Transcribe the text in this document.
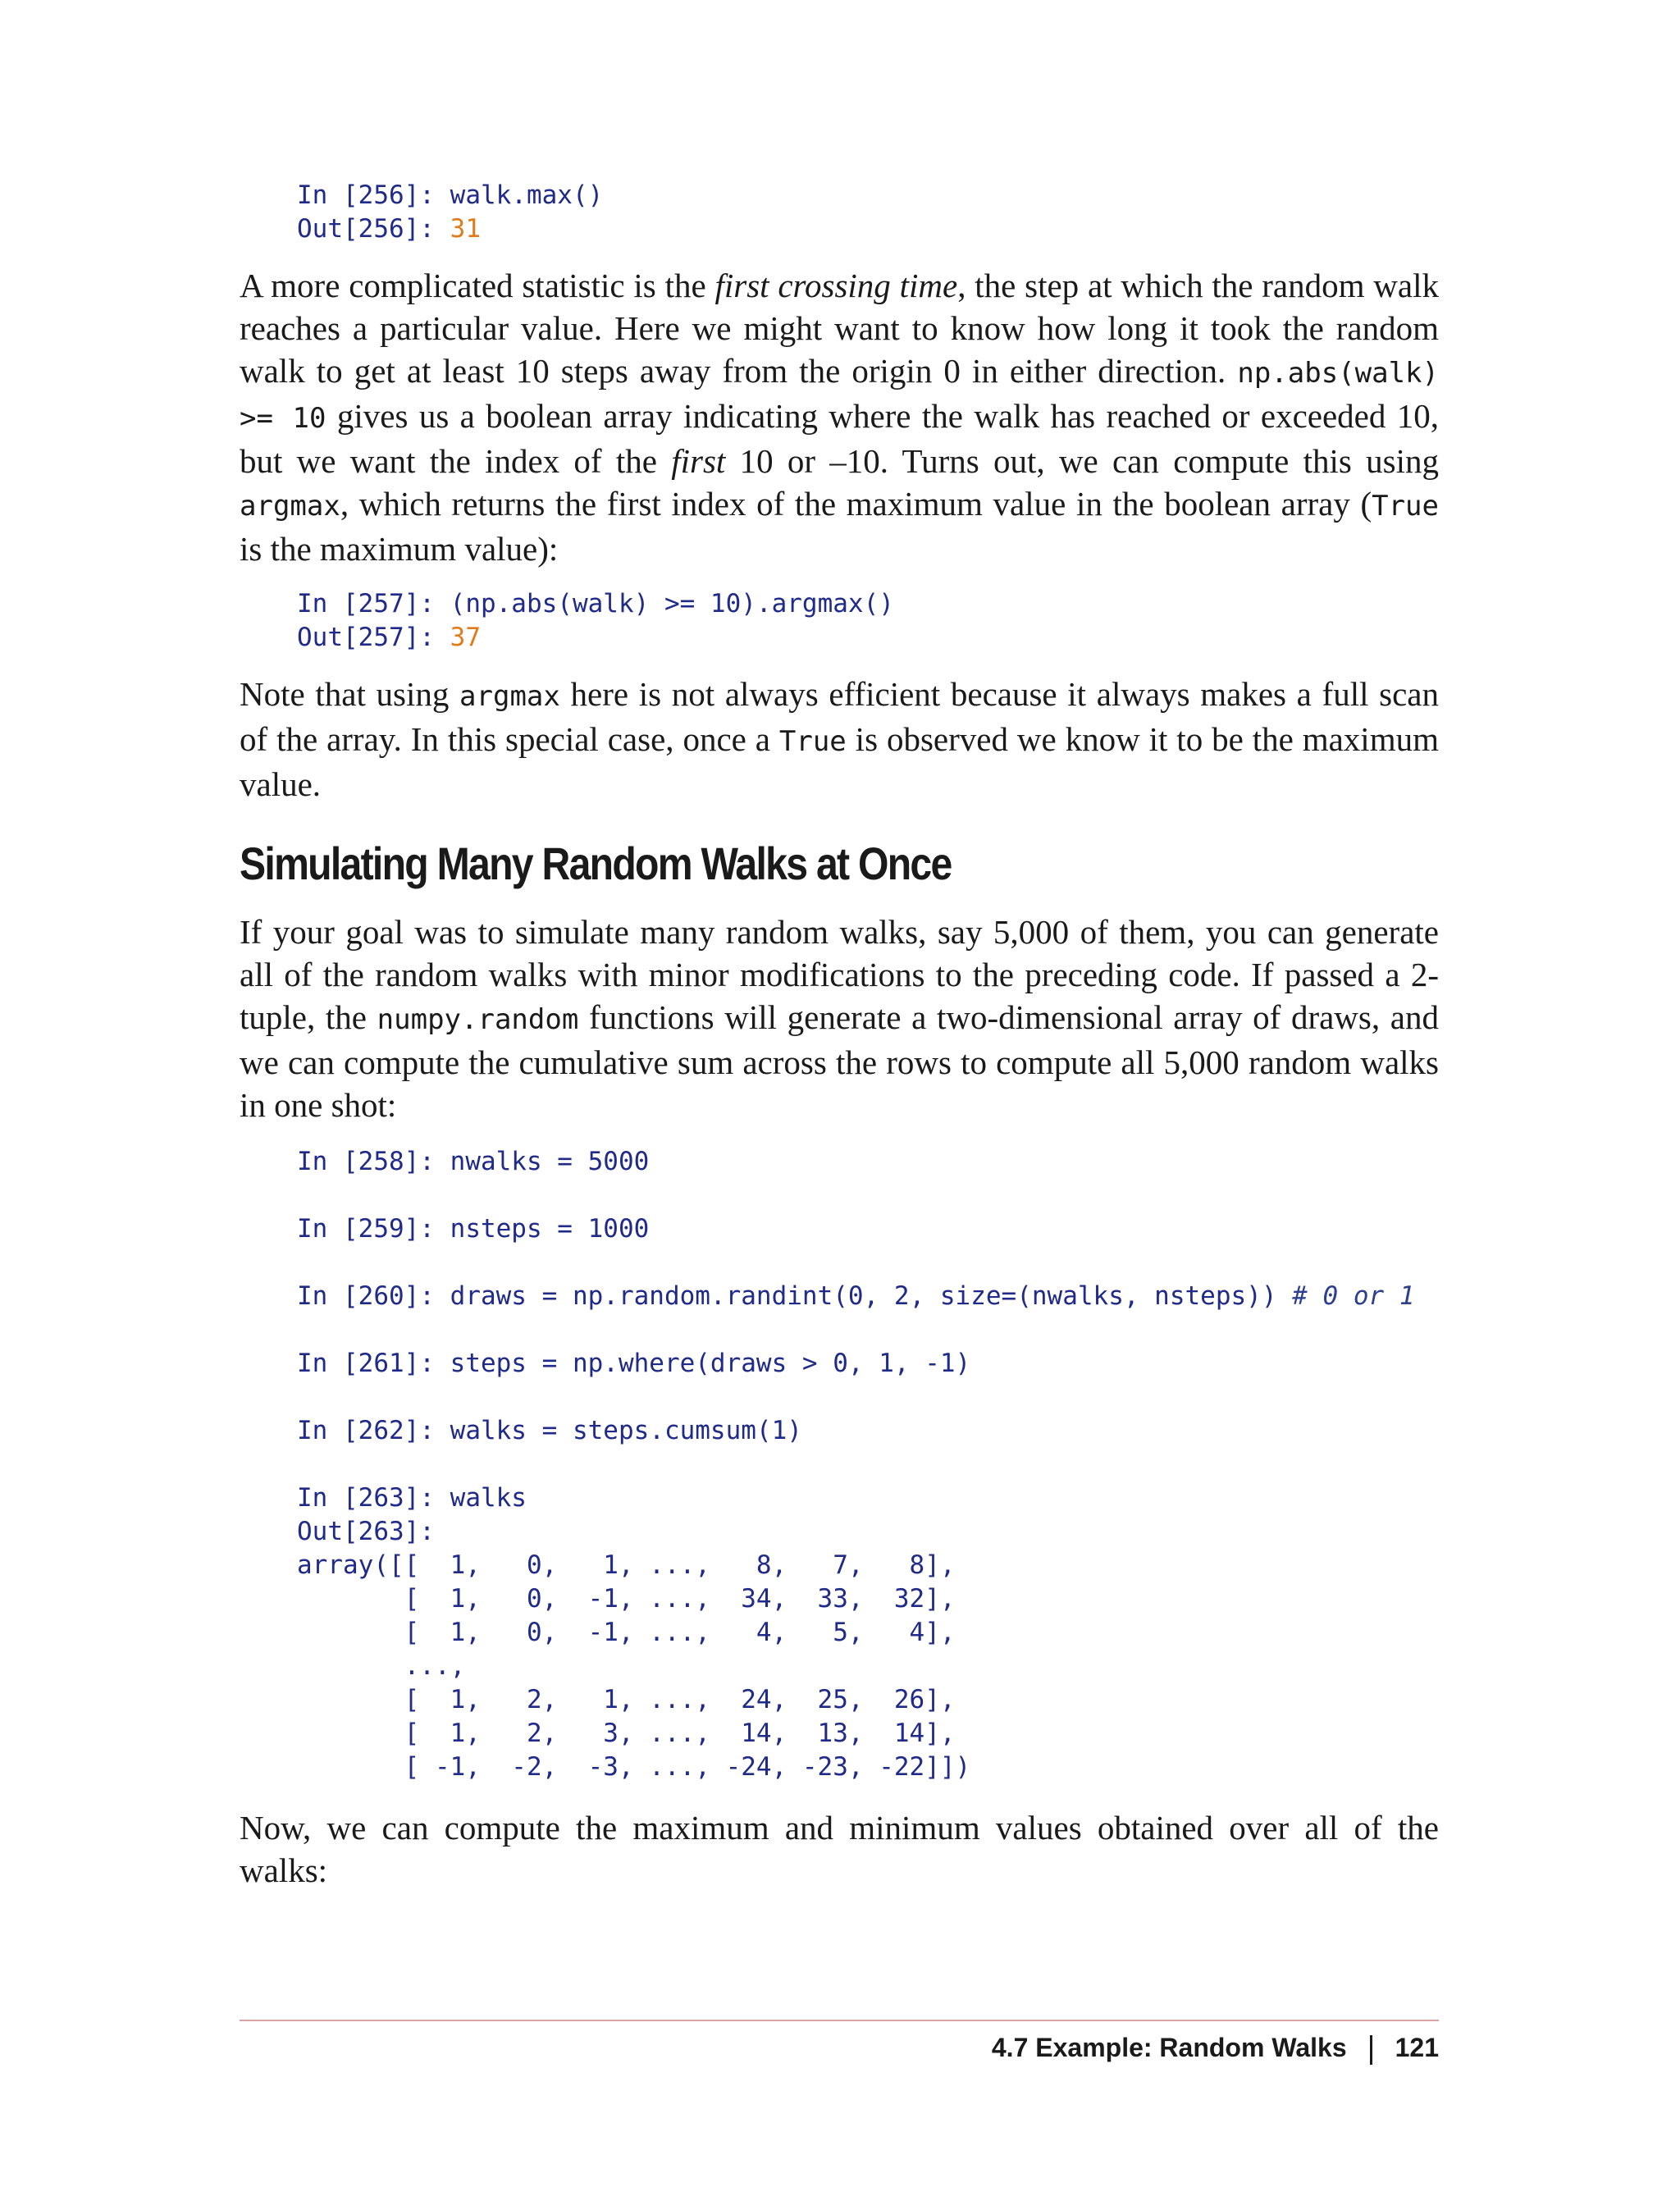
In [256]: walk.max()
Out[256]: 31

A more complicated statistic is the first crossing time, the step at which the random walk reaches a particular value. Here we might want to know how long it took the random walk to get at least 10 steps away from the origin 0 in either direction. np.abs(walk) >= 10 gives us a boolean array indicating where the walk has reached or exceeded 10, but we want the index of the first 10 or –10. Turns out, we can compute this using argmax, which returns the first index of the maximum value in the boolean array (True is the maximum value):

In [257]: (np.abs(walk) >= 10).argmax()
Out[257]: 37

Note that using argmax here is not always efficient because it always makes a full scan of the array. In this special case, once a True is observed we know it to be the maximum value.

Simulating Many Random Walks at Once

If your goal was to simulate many random walks, say 5,000 of them, you can generate all of the random walks with minor modifications to the preceding code. If passed a 2-tuple, the numpy.random functions will generate a two-dimensional array of draws, and we can compute the cumulative sum across the rows to compute all 5,000 random walks in one shot:

In [258]: nwalks = 5000

In [259]: nsteps = 1000

In [260]: draws = np.random.randint(0, 2, size=(nwalks, nsteps)) # 0 or 1

In [261]: steps = np.where(draws > 0, 1, -1)

In [262]: walks = steps.cumsum(1)

In [263]: walks
Out[263]:
array([[  1,   0,   1, ...,   8,   7,   8],
[  1,   0,  -1, ...,  34,  33,  32],
[  1,   0,  -1, ...,   4,   5,   4],
...,
[  1,   2,   1, ...,  24,  25,  26],
[  1,   2,   3, ...,  14,  13,  14],
[ -1,  -2,  -3, ..., -24, -23, -22]])

Now, we can compute the maximum and minimum values obtained over all of the walks:

4.7 Example: Random Walks 121
